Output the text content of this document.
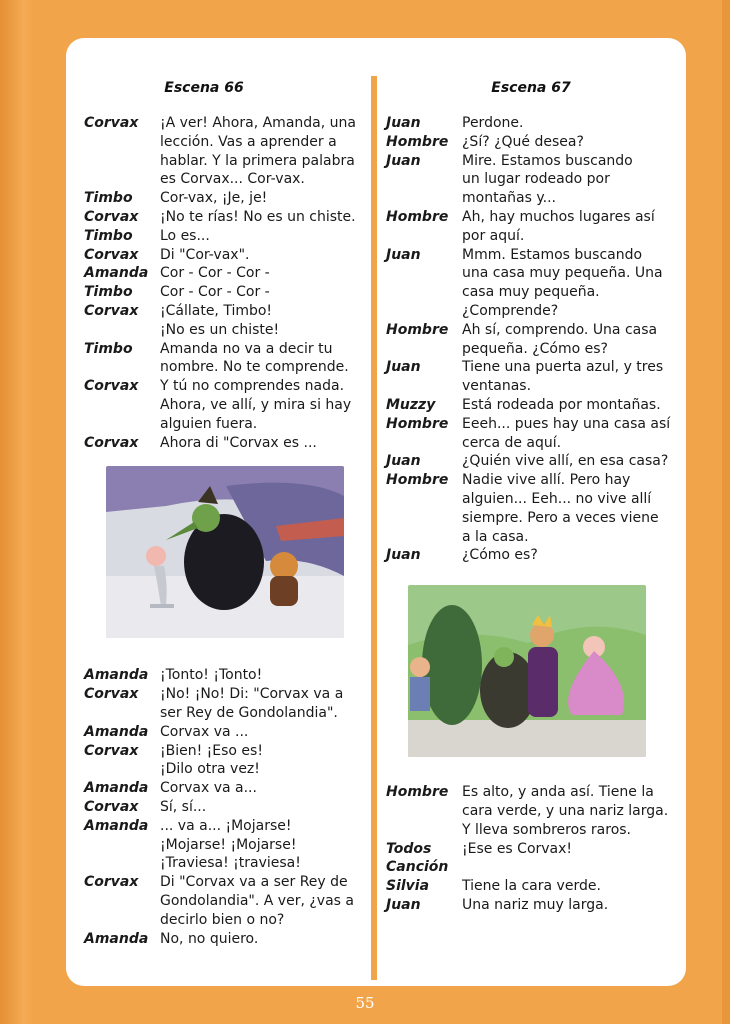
Escena 66
Corvax	¡A ver! Ahora, Amanda, una
lección. Vas a aprender a
hablar. Y la primera palabra
es Corvax... Cor-vax.
Timbo	Cor-vax, ¡Je, je!
Corvax	¡No te rías! No es un chiste.
Timbo	Lo es...
Corvax	Di "Cor-vax".
Amanda Cor - Cor - Cor -
Timbo	Cor - Cor - Cor -
Corvax	¡Cállate, Timbo!
¡No es un chiste!
Timbo	Amanda no va a decir tu
nombre. No te comprende.
Corvax	Y tú no comprendes nada.
Ahora, ve allí, y mira si hay
alguien fuera.
Corvax	Ahora di "Corvax es ...
Amanda ¡Tonto! ¡Tonto!
Corvax	¡No! ¡No! Di: "Corvax va a
ser Rey de Gondolandia".
Amanda Corvax va ...
Corvax	¡Bien! ¡Eso es!
¡Dilo otra vez!
Amanda Corvax va a...
Corvax	Sí, sí...
Amanda ... va a... ¡Mojarse!
¡Mojarse! ¡Mojarse!
¡Traviesa! ¡traviesa!
Corvax	Di "Corvax va a ser Rey de
Gondolandia". A ver, ¿vas a
decirlo bien o no?
Amanda No, no quiero.
Escena 67
Juan	Perdone.
Hombre ¿Sí? ¿Qué desea?
Juan	Mire. Estamos buscando
un lugar rodeado por
montañas y...
Hombre Ah, hay muchos lugares así
por aquí.
Juan	Mmm. Estamos buscando
una casa muy pequeña. Una
casa muy pequeña.
¿Comprende?
Hombre Ah sí, comprendo. Una casa
pequeña. ¿Cómo es?
Juan	Tiene una puerta azul, y tres
ventanas.
Muzzy	Está rodeada por montañas.
Hombre Eeeh... pues hay una casa así
cerca de aquí.
Juan	¿Quién vive allí, en esa casa?
Hombre Nadie vive allí. Pero hay
alguien... Eeh... no vive allí
siempre. Pero a veces viene
a la casa.
Juan	¿Cómo es?
Hombre Es alto, y anda así. Tiene la
cara verde, y una nariz larga.
Y lleva sombreros raros.
Todos	¡Ese es Corvax!
Canción
Silvia	Tiene la cara verde.
Juan	Una nariz muy larga.
55
